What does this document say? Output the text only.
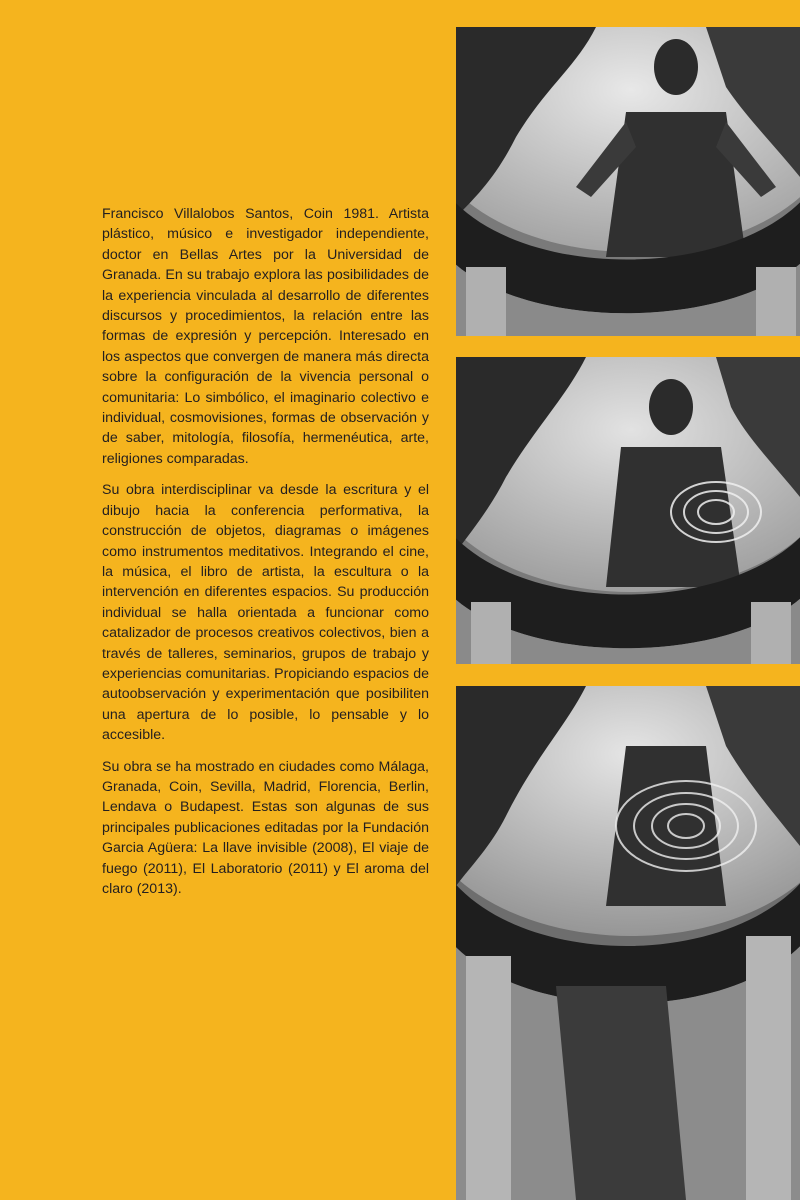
Francisco Villalobos Santos, Coin 1981. Artista plástico, músico e investigador independiente, doctor en Bellas Artes por la Universidad de Granada. En su trabajo explora las posibilidades de la experiencia vinculada al desarrollo de diferentes discursos y procedimientos, la relación entre las formas de expresión y percepción. Interesado en los aspectos que convergen de manera más directa sobre la configuración de la vivencia personal o comunitaria: Lo simbólico, el imaginario colectivo e individual, cosmovisiones, formas de observación y de saber, mitología, filosofía, hermenéutica, arte, religiones comparadas.

Su obra interdisciplinar va desde la escritura y el dibujo hacia la conferencia performativa, la construcción de objetos, diagramas o imágenes como instrumentos meditativos. Integrando el cine, la música, el libro de artista, la escultura o la intervención en diferentes espacios. Su producción individual se halla orientada a funcionar como catalizador de procesos creativos colectivos, bien a través de talleres, seminarios, grupos de trabajo y experiencias comunitarias. Propiciando espacios de autoobservación y experimentación que posibiliten una apertura de lo posible, lo pensable y lo accesible.

Su obra se ha mostrado en ciudades como Málaga, Granada, Coin, Sevilla, Madrid, Florencia, Berlin, Lendava o Budapest. Estas son algunas de sus principales publicaciones editadas por la Fundación Garcia Agüera: La llave invisible (2008), El viaje de fuego (2011), El Laboratorio (2011) y El aroma del claro (2013).
